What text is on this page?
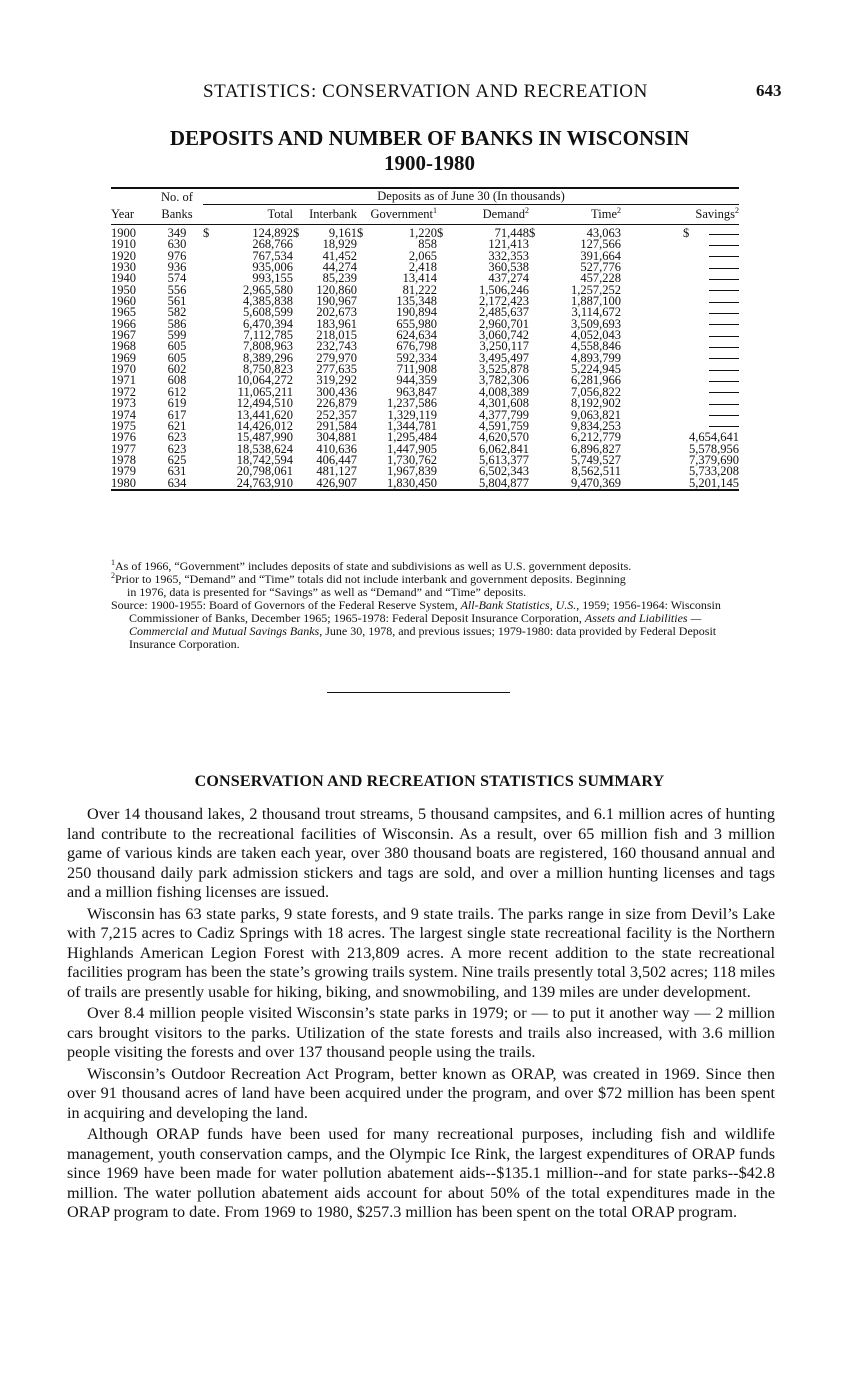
STATISTICS: CONSERVATION AND RECREATION	643
DEPOSITS AND NUMBER OF BANKS IN WISCONSIN
1900-1980
	No. of	Deposits as of June 30 (In thousands)					
Year	Banks	Total	Interbank	Government$^1$	Demand$^2$	Time$^2$	Savings$^2$

1900	349	$ 124,892	$ 9,161	$ 1,220	$ 71,448	$ 43,063	$

1910	630	268,766	18,929	858	121,413	127,566	
1920	976	767,534	41,452	2,065	332,353	391,664	
1930	936	935,006	44,274	2,418	360,538	527,776	
1940	574	993,155	85,239	13,414	437,274	457,228	
1950	556	2,965,580	120,860	81,222	1,506,246	1,257,252	
1960	561	4,385,838	190,967	135,348	2,172,423	1,887,100	
1965	582	5,608,599	202,673	190,894	2,485,637	3,114,672	
1966	586	6,470,394	183,961	655,980	2,960,701	3,509,693	
1967	599	7,112,785	218,015	624,634	3,060,742	4,052,043	
1968	605	7,808,963	232,743	676,798	3,250,117	4,558,846	
1969	605	8,389,296	279,970	592,334	3,495,497	4,893,799	
1970	602	8,750,823	277,635	711,908	3,525,878	5,224,945	
1971	608	10,064,272	319,292	944,359	3,782,306	6,281,966	
1972	612	11,065,211	300,436	963,847	4,008,389	7,056,822	
1973	619	12,494,510	226,879	1,237,586	4,301,608	8,192,902	
1974	617	13,441,620	252,357	1,329,119	4,377,799	9,063,821	
1975	621	14,426,012	291,584	1,344,781	4,591,759	9,834,253	
1976	623	15,487,990	304,881	1,295,484	4,620,570	6,212,779	4,654,641
1977	623	18,538,624	410,636	1,447,905	6,062,841	6,896,827	5,578,956
1978	625	18,742,594	406,447	1,730,762	5,613,377	5,749,527	7,379,690
1979	631	20,798,061	481,127	1,967,839	6,502,343	8,562,511	5,733,208
1980	634	24,763,910	426,907	1,830,450	5,804,877	9,470,369	5,201,145

$^1$As of 1966, “Government” includes deposits of state and subdivisions as well as U.S. government deposits.

$^2$Prior to 1965, “Demand” and “Time” totals did not include interbank and government deposits. Beginning

in 1976, data is presented for “Savings” as well as “Demand” and “Time” deposits.

Source: 1900-1955: Board of Governors of the Federal Reserve System, All-Bank Statistics, U.S., 1959; 1956-1964: Wisconsin Commissioner of Banks, December 1965; 1965-1978: Federal Deposit Insurance Corporation, Assets and Liabilities — Commercial and Mutual Savings Banks, June 30, 1978, and previous issues; 1979-1980: data provided by Federal Deposit Insurance Corporation.

CONSERVATION AND RECREATION STATISTICS SUMMARY

Over 14 thousand lakes, 2 thousand trout streams, 5 thousand campsites, and 6.1 million acres of hunting land contribute to the recreational facilities of Wisconsin. As a result, over 65 million fish and 3 million game of various kinds are taken each year, over 380 thousand boats are registered, 160 thousand annual and 250 thousand daily park admission stickers and tags are sold, and over a million hunting licenses and tags and a million fishing licenses are issued.

Wisconsin has 63 state parks, 9 state forests, and 9 state trails. The parks range in size from Devil’s Lake with 7,215 acres to Cadiz Springs with 18 acres. The largest single state recreational facility is the Northern Highlands American Legion Forest with 213,809 acres. A more recent addition to the state recreational facilities program has been the state’s growing trails system. Nine trails presently total 3,502 acres; 118 miles of trails are presently usable for hiking, biking, and snowmobiling, and 139 miles are under development.

Over 8.4 million people visited Wisconsin’s state parks in 1979; or — to put it another way — 2 million cars brought visitors to the parks. Utilization of the state forests and trails also increased, with 3.6 million people visiting the forests and over 137 thousand people using the trails.

Wisconsin’s Outdoor Recreation Act Program, better known as ORAP, was created in 1969. Since then over 91 thousand acres of land have been acquired under the program, and over $72 million has been spent in acquiring and developing the land.

Although ORAP funds have been used for many recreational purposes, including fish and wildlife management, youth conservation camps, and the Olympic Ice Rink, the largest expenditures of ORAP funds since 1969 have been made for water pollution abatement aids--$135.1 million--and for state parks--$42.8 million. The water pollution abatement aids account for about 50% of the total expenditures made in the ORAP program to date. From 1969 to 1980, $257.3 million has been spent on the total ORAP program.
